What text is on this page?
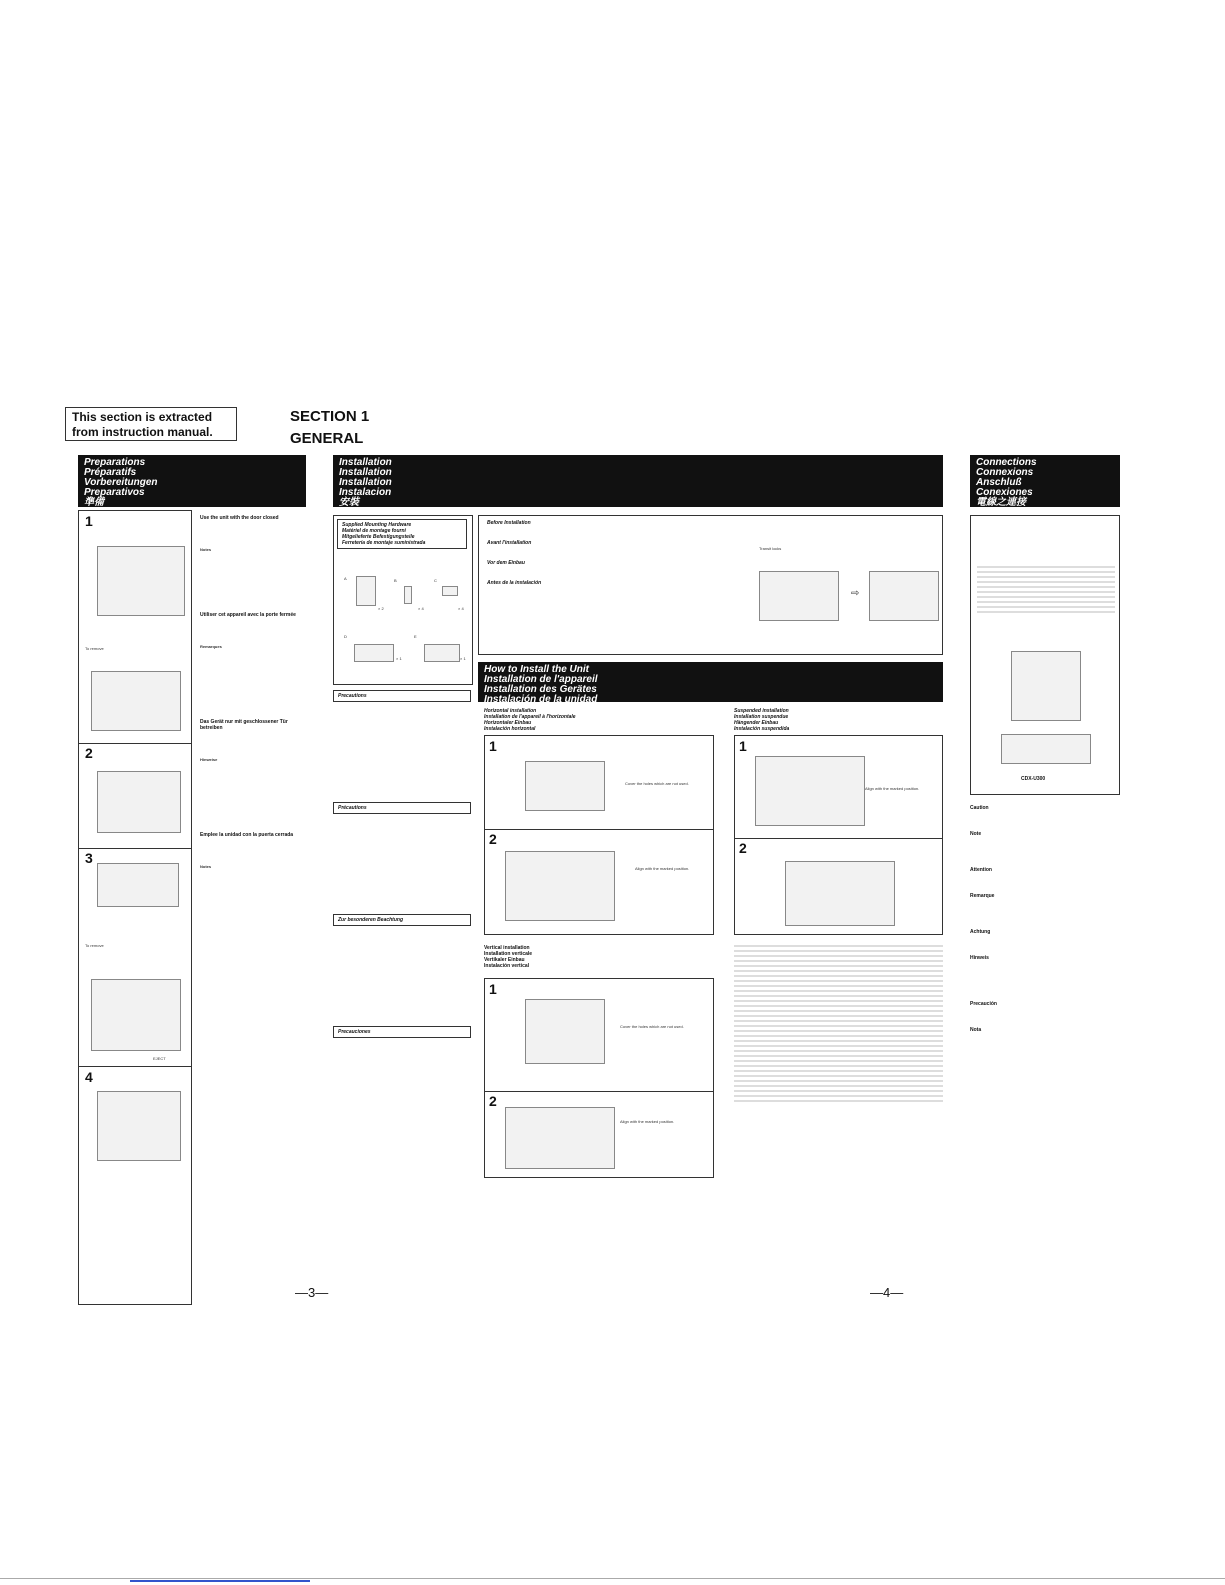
This section is extracted from instruction manual.
SECTION 1
GENERAL
Preparations
Préparatifs
Vorbereitungen
Preparativos
準備
1
To remove
2
3
To remove
EJECT
4
Use the unit with the door closed
Notes
Utiliser cet appareil avec la porte fermée
Remarques
Das Gerät nur mit geschlossener Tür betreiben
Hinweise
Emplee la unidad con la puerta cerrada
Notes
Installation
Installation
Installation
Instalacion
安裝
Supplied Mounting Hardware
Matériel de montage fourni
Mitgelieferte Befestigungsteile
Ferretería de montaje suministrada
A
× 2
B
× 4
C
× 4
D
× 1
E
× 1
Before Installation
Avant l'installation
Vor dem Einbau
Antes de la instalación
Transit locks
⇨
Precautions
Précautions
Zur besonderen Beachtung
Precauciones
How to Install the Unit
Installation de l'appareil
Installation des Gerätes
Instalación de la unidad
Horizontal installation
Installation de l'appareil à l'horizontale
Horizontaler Einbau
Instalación horizontal
1
Cover the holes which are not used.
2
Align with the marked position.
Suspended installation
Installation suspendue
Hängender Einbau
Instalación suspendida
1
Align with the marked position.
2
Vertical installation
Installation verticale
Vertikaler Einbau
Instalación vertical
1
Cover the holes which are not used.
2
Align with the marked position.
Connections
Connexions
Anschluß
Conexiones
電線之連接
CDX-U300
Caution
Note
Attention
Remarque
Achtung
Hinweis
Precaución
Nota
—3—	—4—
